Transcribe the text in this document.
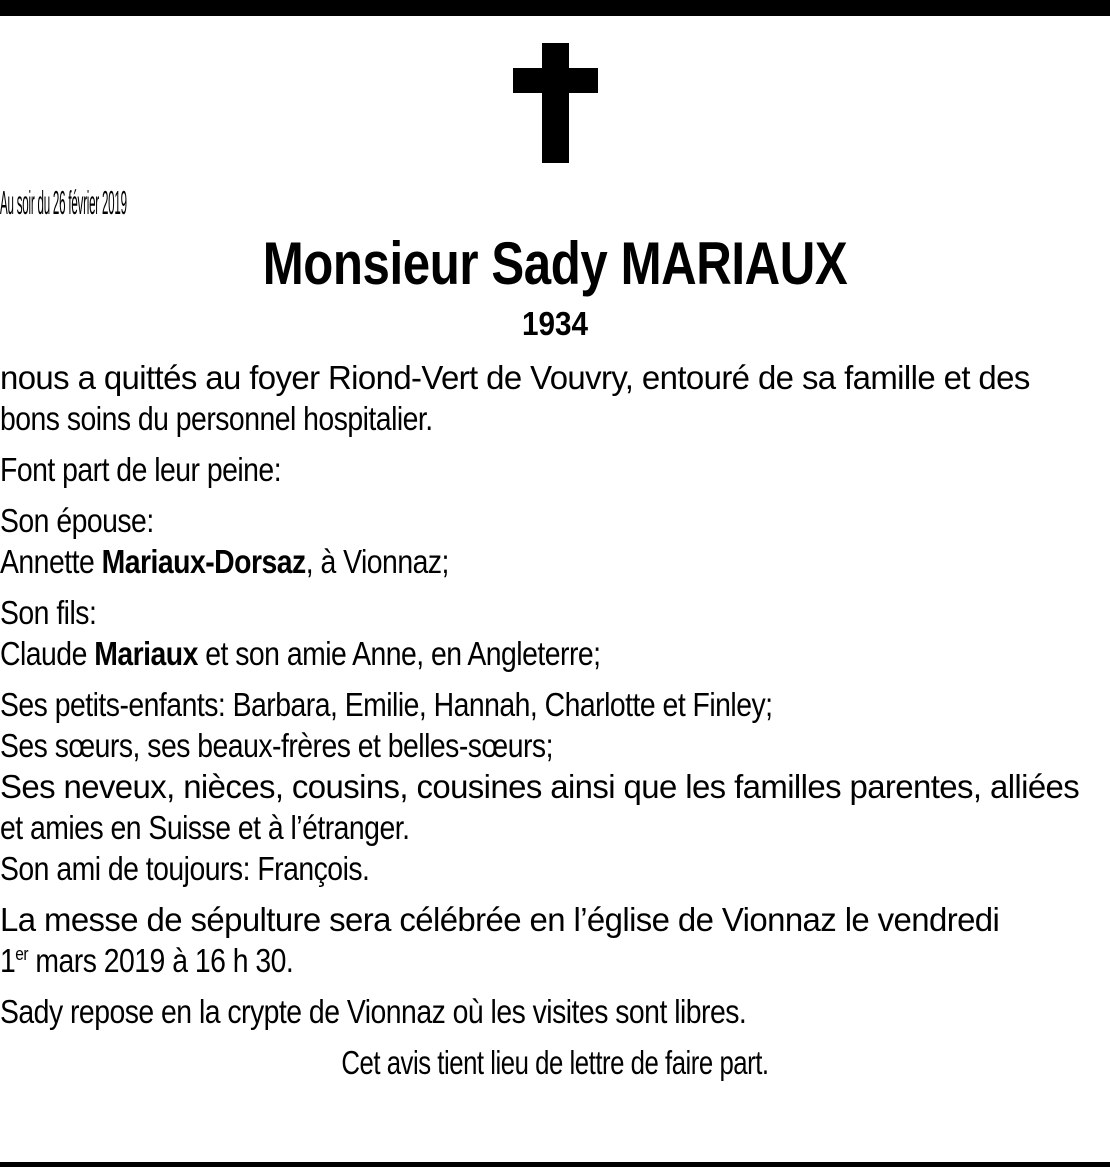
Au soir du 26 février 2019
Monsieur Sady MARIAUX
1934
nous a quittés au foyer Riond-Vert de Vouvry, entouré de sa famille et des
bons soins du personnel hospitalier.
Font part de leur peine:
Son épouse:
Annette Mariaux-Dorsaz, à Vionnaz;
Son fils:
Claude Mariaux et son amie Anne, en Angleterre;
Ses petits-enfants: Barbara, Emilie, Hannah, Charlotte et Finley;
Ses sœurs, ses beaux-frères et belles-sœurs;
Ses neveux, nièces, cousins, cousines ainsi que les familles parentes, alliées
et amies en Suisse et à l’étranger.
Son ami de toujours: François.
La messe de sépulture sera célébrée en l’église de Vionnaz le vendredi
1er mars 2019 à 16 h 30.
Sady repose en la crypte de Vionnaz où les visites sont libres.
Cet avis tient lieu de lettre de faire part.
